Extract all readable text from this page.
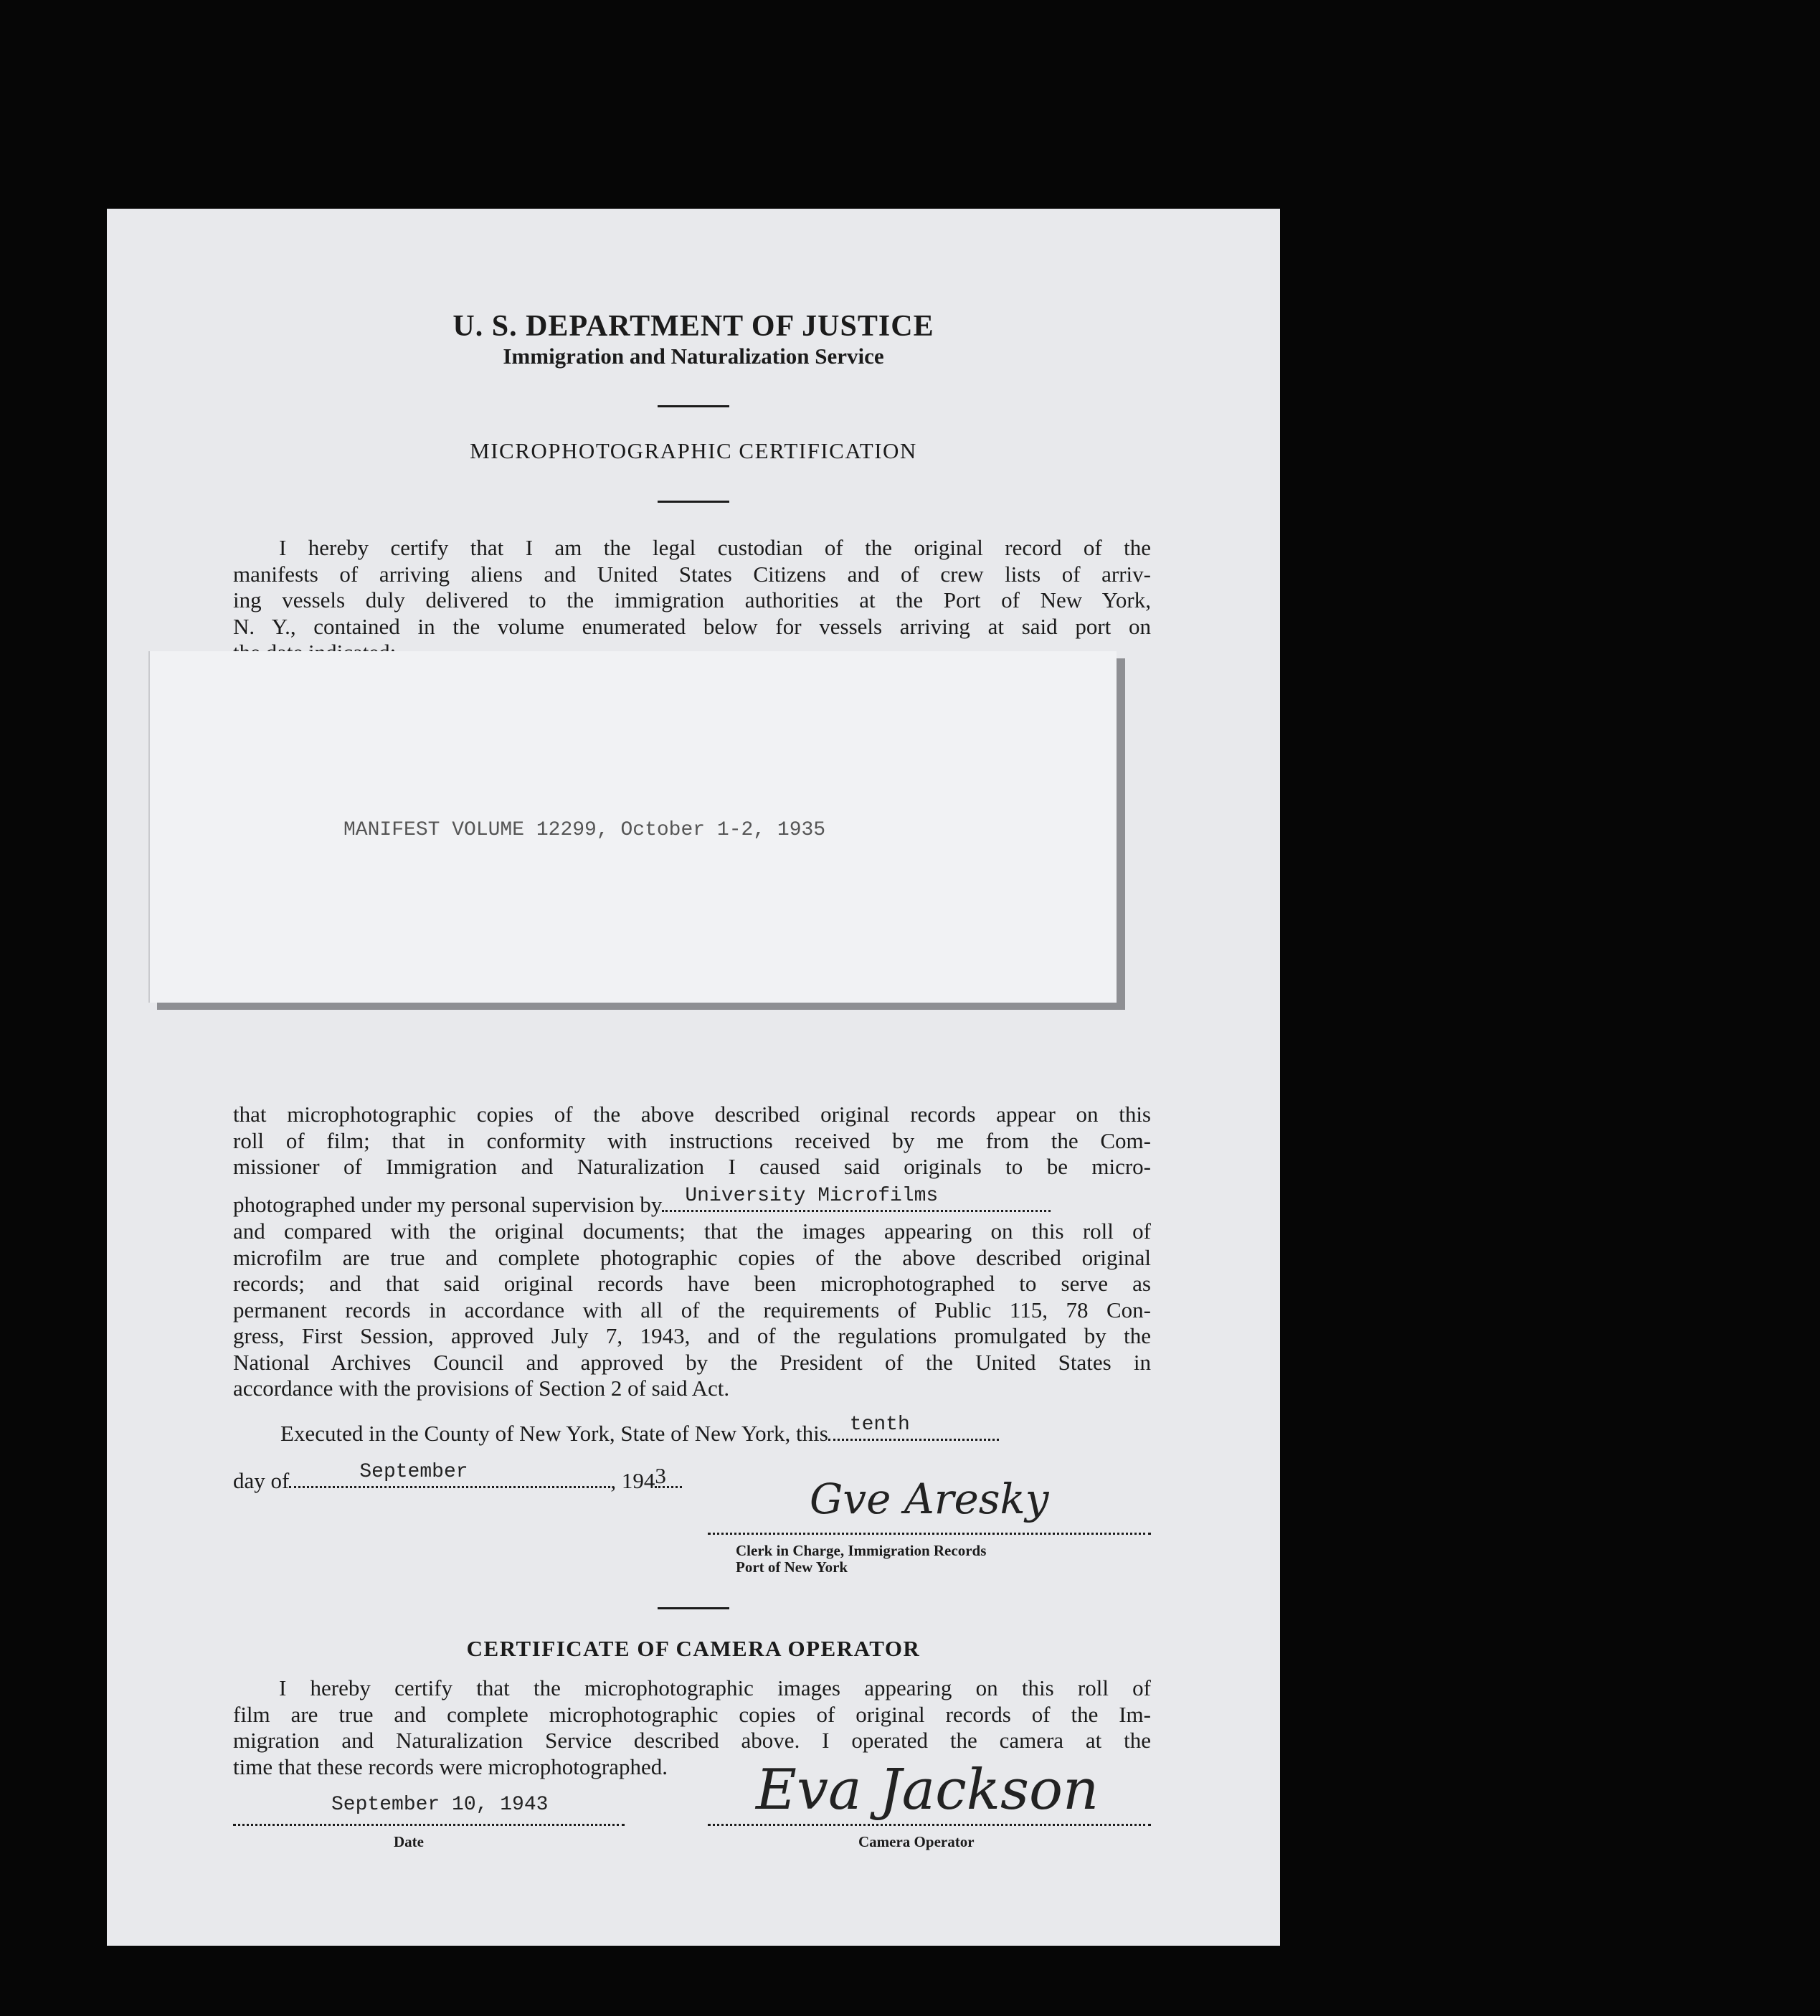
U. S. DEPARTMENT OF JUSTICE
Immigration and Naturalization Service
MICROPHOTOGRAPHIC CERTIFICATION
I hereby certify that I am the legal custodian of the original record of the
manifests of arriving aliens and United States Citizens and of crew lists of arriv-
ing vessels duly delivered to the immigration authorities at the Port of New York,
N. Y., contained in the volume enumerated below for vessels arriving at said port on
MANIFEST VOLUME 12299, October 1-2, 1935
that microphotographic copies of the above described original records appear on this
roll of film; that in conformity with instructions received by me from the Com-
missioner of Immigration and Naturalization I caused said originals to be micro-
photographed under my personal supervision by University Microfilms
and compared with the original documents; that the images appearing on this roll of
microfilm are true and complete photographic copies of the above described original
records; and that said original records have been microphotographed to serve as
permanent records in accordance with all of the requirements of Public 115, 78 Con-
gress, First Session, approved July 7, 1943, and of the regulations promulgated by the
National Archives Council and approved by the President of the United States in
accordance with the provisions of Section 2 of said Act.
Executed in the County of New York, State of New York, this tenth
day of	September	, 194 3	Gve Aresky
Clerk in Charge, Immigration Records
Port of New York
CERTIFICATE OF CAMERA OPERATOR
I hereby certify that the microphotographic images appearing on this roll of
film are true and complete microphotographic copies of original records of the Im-
migration and Naturalization Service described above. I operated the camera at the
time that these records were microphotographed.
September 10, 1943
Date
Eva Jackson
Camera Operator
